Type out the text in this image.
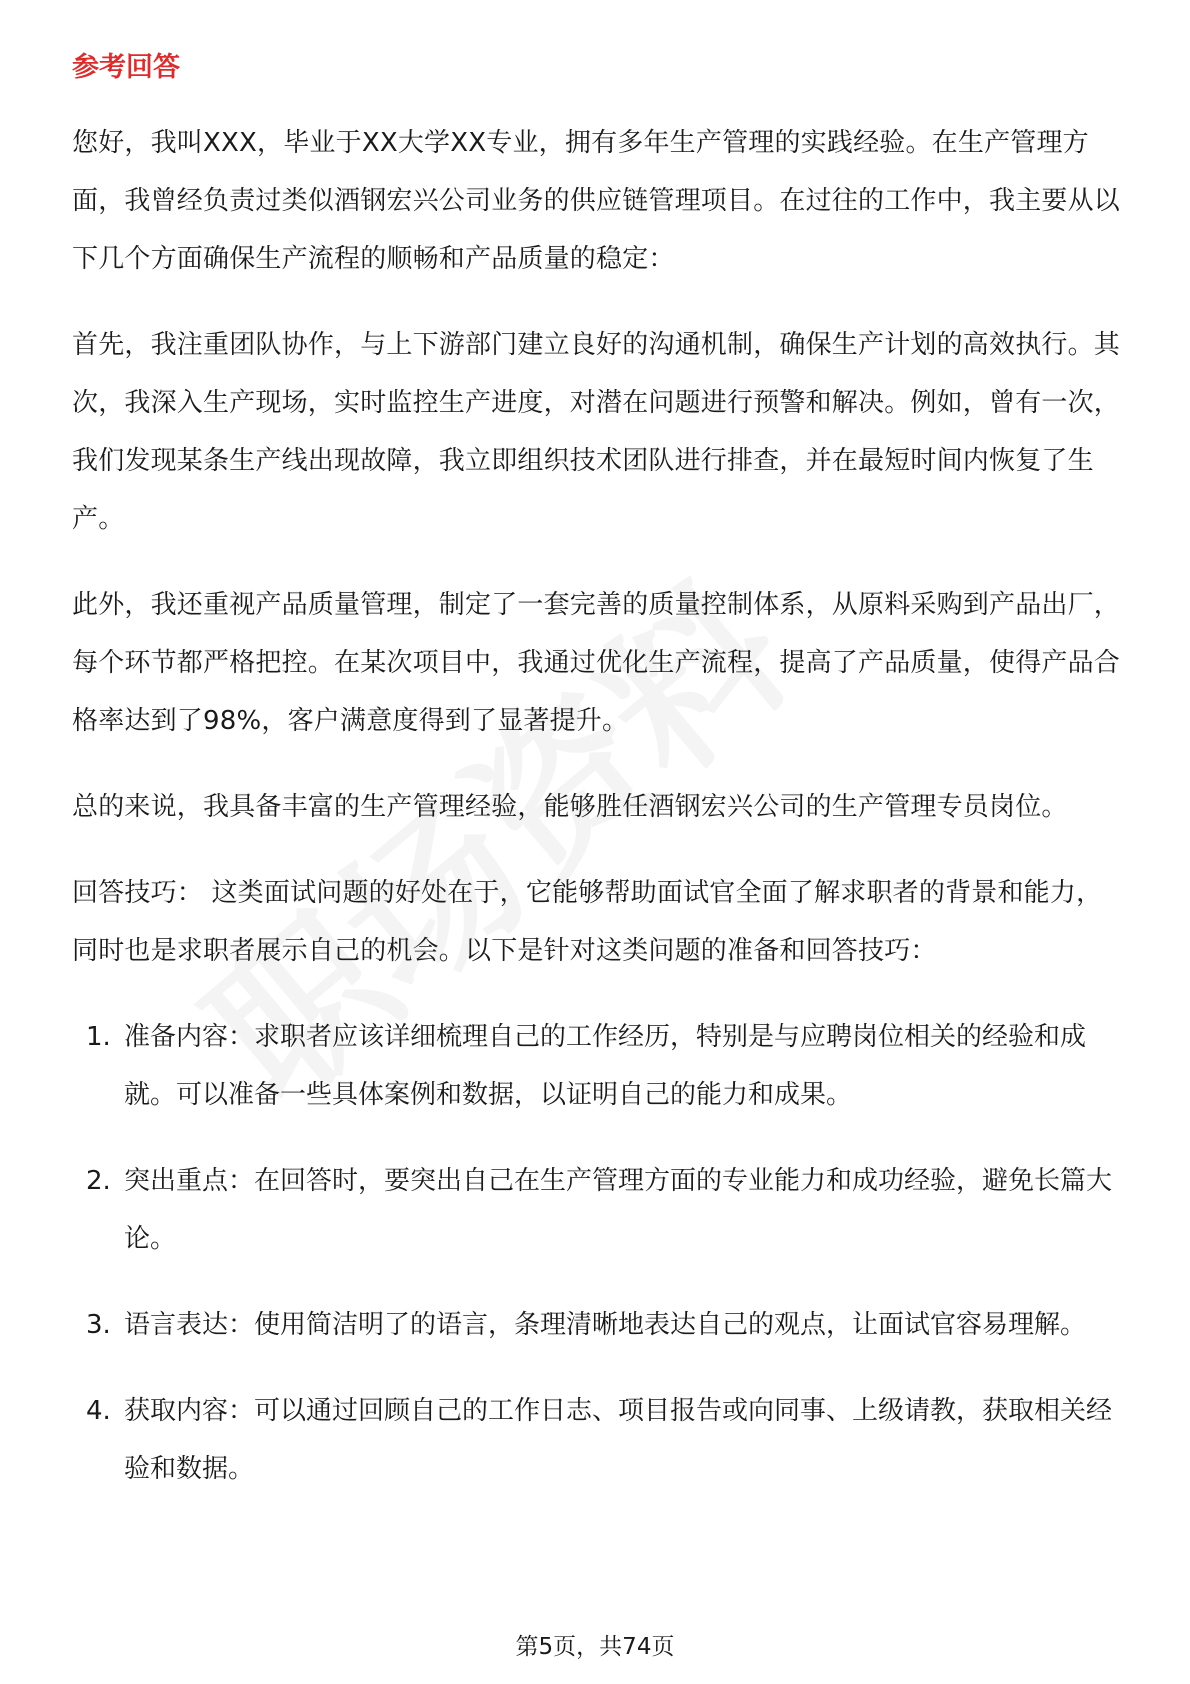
参考回答

您好，我叫XXX，毕业于XX大学XX专业，拥有多年生产管理的实践经验。在生产管理方面，我曾经负责过类似酒钢宏兴公司业务的供应链管理项目。在过往的工作中，我主要从以下几个方面确保生产流程的顺畅和产品质量的稳定：

首先，我注重团队协作，与上下游部门建立良好的沟通机制，确保生产计划的高效执行。其次，我深入生产现场，实时监控生产进度，对潜在问题进行预警和解决。例如，曾有一次，我们发现某条生产线出现故障，我立即组织技术团队进行排查，并在最短时间内恢复了生产。

此外，我还重视产品质量管理，制定了一套完善的质量控制体系，从原料采购到产品出厂，每个环节都严格把控。在某次项目中，我通过优化生产流程，提高了产品质量，使得产品合格率达到了98%，客户满意度得到了显著提升。

总的来说，我具备丰富的生产管理经验，能够胜任酒钢宏兴公司的生产管理专员岗位。

回答技巧： 这类面试问题的好处在于，它能够帮助面试官全面了解求职者的背景和能力，同时也是求职者展示自己的机会。以下是针对这类问题的准备和回答技巧：

1. 准备内容：求职者应该详细梳理自己的工作经历，特别是与应聘岗位相关的经验和成就。可以准备一些具体案例和数据，以证明自己的能力和成果。
2. 突出重点：在回答时，要突出自己在生产管理方面的专业能力和成功经验，避免长篇大论。
3. 语言表达：使用简洁明了的语言，条理清晰地表达自己的观点，让面试官容易理解。
4. 获取内容：可以通过回顾自己的工作日志、项目报告或向同事、上级请教，获取相关经验和数据。
第5页，共74页
